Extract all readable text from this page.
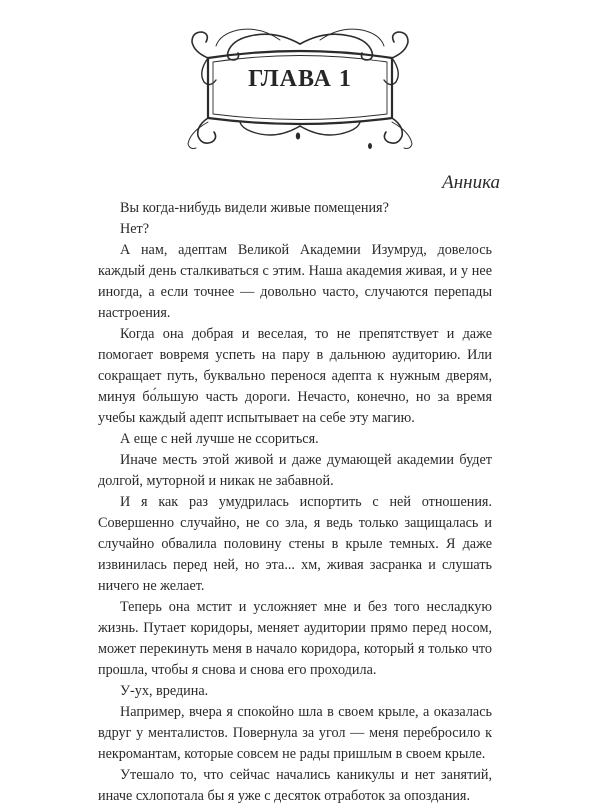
ГЛАВА 1
Анника

Вы когда-нибудь видели живые помещения?

Нет?

А нам, адептам Великой Академии Изумруд, довелось каждый день сталкиваться с этим. Наша академия живая, и у нее иногда, а если точнее — довольно часто, случаются перепады настроения.

Когда она добрая и веселая, то не препятствует и даже помогает вовремя успеть на пару в дальнюю аудиторию. Или сокращает путь, буквально перенося адепта к нужным дверям, минуя бо́льшую часть дороги. Нечасто, конечно, но за время учебы каждый адепт испытывает на себе эту магию.

А еще с ней лучше не ссориться.

Иначе месть этой живой и даже думающей академии будет долгой, муторной и никак не забавной.

И я как раз умудрилась испортить с ней отношения. Совершенно случайно, не со зла, я ведь только защищалась и случайно обвалила половину стены в крыле темных. Я даже извинилась перед ней, но эта... хм, живая засранка и слушать ничего не желает.

Теперь она мстит и усложняет мне и без того несладкую жизнь. Путает коридоры, меняет аудитории прямо перед носом, может перекинуть меня в начало коридора, который я только что прошла, чтобы я снова и снова его проходила.

У-ух, вредина.

Например, вчера я спокойно шла в своем крыле, а оказалась вдруг у менталистов. Повернула за угол — меня перебросило к некромантам, которые совсем не рады пришлым в своем крыле.

Утешало то, что сейчас начались каникулы и нет занятий, иначе схлопотала бы я уже с десяток отработок за опоздания.
